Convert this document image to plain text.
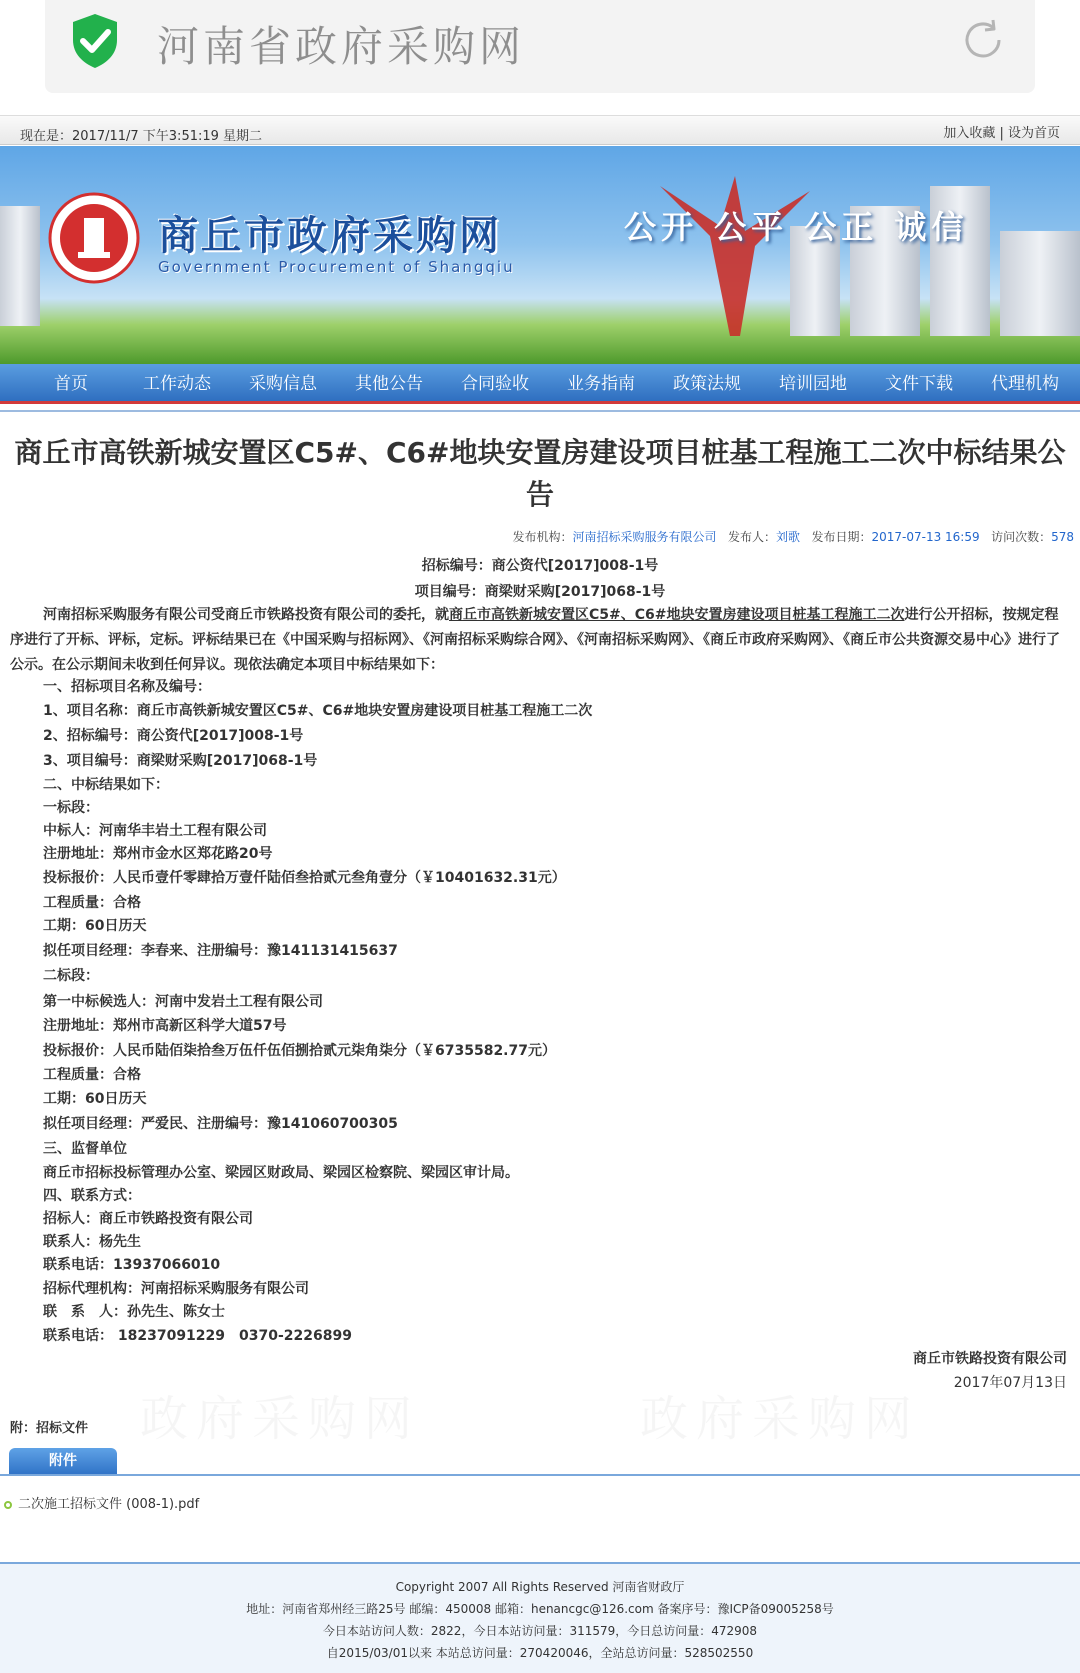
河南省政府采购网
现在是：2017/11/7 下午3:51:19 星期二	加入收藏 | 设为首页
商丘市政府采购网
Government Procurement of Shangqiu
公开 公平 公正 诚信
首页	工作动态	采购信息	其他公告	合同验收	业务指南	政策法规	培训园地	文件下载	代理机构
商丘市高铁新城安置区C5#、C6#地块安置房建设项目桩基工程施工二次中标结果公告
发布机构：河南招标采购服务有限公司 发布人：刘歌 发布日期：2017-07-13 16:59 访问次数：578
招标编号：商公资代[2017]008-1号
项目编号：商梁财采购[2017]068-1号
河南招标采购服务有限公司受商丘市铁路投资有限公司的委托，就商丘市高铁新城安置区C5#、C6#地块安置房建设项目桩基工程施工二次进行公开招标，按规定程序进行了开标、评标，定标。评标结果已在《中国采购与招标网》、《河南招标采购综合网》、《河南招标采购网》、《商丘市政府采购网》、《商丘市公共资源交易中心》进行了公示。在公示期间未收到任何异议。现依法确定本项目中标结果如下：
一、招标项目名称及编号：
1、项目名称：商丘市高铁新城安置区C5#、C6#地块安置房建设项目桩基工程施工二次
2、招标编号：商公资代[2017]008-1号
3、项目编号：商梁财采购[2017]068-1号
二、中标结果如下：
一标段：
中标人：河南华丰岩土工程有限公司
注册地址：郑州市金水区郑花路20号
投标报价：人民币壹仟零肆拾万壹仟陆佰叁拾贰元叁角壹分（￥10401632.31元）
工程质量：合格
工期：60日历天
拟任项目经理：李春来、注册编号：豫141131415637
二标段：
第一中标候选人：河南中发岩土工程有限公司
注册地址：郑州市高新区科学大道57号
投标报价：人民币陆佰柒拾叁万伍仟伍佰捌拾贰元柒角柒分（￥6735582.77元）
工程质量：合格
工期：60日历天
拟任项目经理：严爱民、注册编号：豫141060700305
三、监督单位
商丘市招标投标管理办公室、梁园区财政局、梁园区检察院、梁园区审计局。
四、联系方式：
招标人：商丘市铁路投资有限公司
联系人：杨先生
联系电话：13937066010
招标代理机构：河南招标采购服务有限公司
联　系　人：孙先生、陈女士
联系电话： 18237091229　0370-2226899
商丘市铁路投资有限公司
2017年07月13日
附：招标文件
附件
二次施工招标文件 (008-1).pdf

Copyright 2007 All Rights Reserved 河南省财政厅

地址：河南省郑州经三路25号 邮编：450008 邮箱：henancgc@126.com 备案序号：豫ICP备09005258号

今日本站访问人数：2822，今日本站访问量：311579，今日总访问量：472908

自2015/03/01以来 本站总访问量：270420046，全站总访问量：528502550
